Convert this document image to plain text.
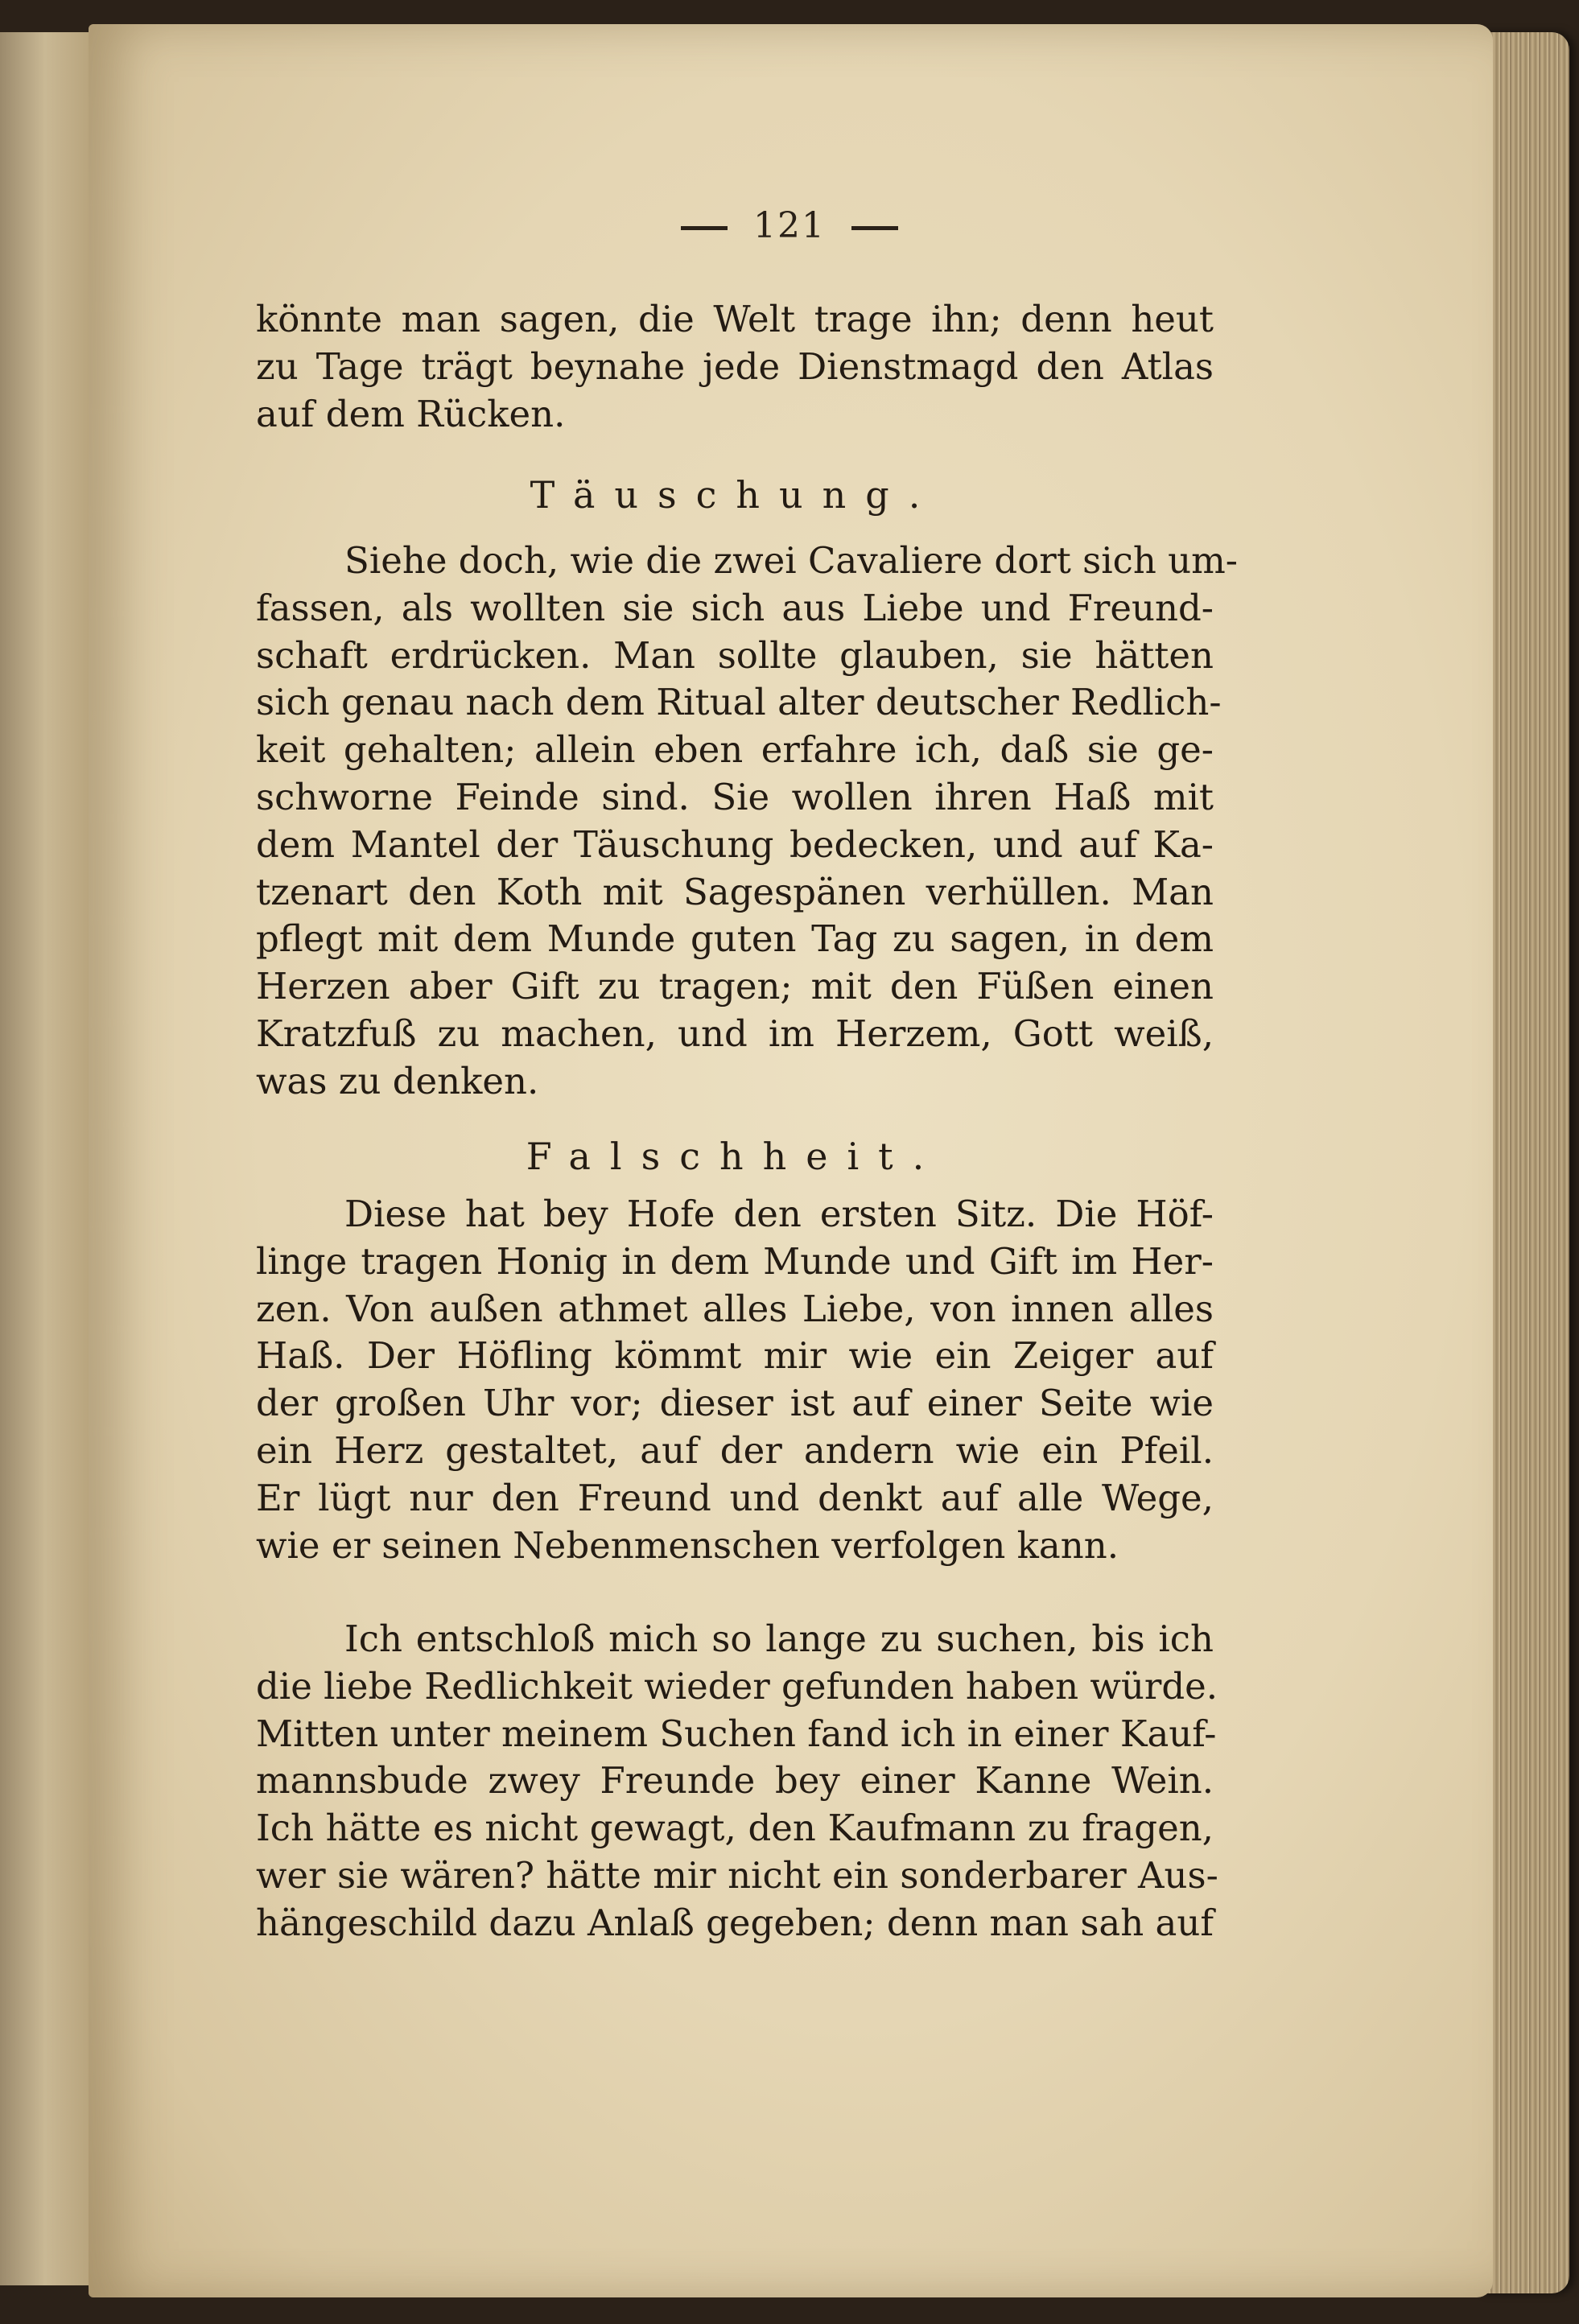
121
könnte man sagen, die Welt trage ihn; denn heut
zu Tage trägt beynahe jede Dienstmagd den Atlas
auf dem Rücken.
Täuschung.
Siehe doch, wie die zwei Cavaliere dort sich um-
fassen, als wollten sie sich aus Liebe und Freund-
schaft erdrücken. Man sollte glauben, sie hätten
sich genau nach dem Ritual alter deutscher Redlich-
keit gehalten; allein eben erfahre ich, daß sie ge-
schworne Feinde sind. Sie wollen ihren Haß mit
dem Mantel der Täuschung bedecken, und auf Ka-
tzenart den Koth mit Sagespänen verhüllen. Man
pflegt mit dem Munde guten Tag zu sagen, in dem
Herzen aber Gift zu tragen; mit den Füßen einen
Kratzfuß zu machen, und im Herzem, Gott weiß,
was zu denken.
Falschheit.
Diese hat bey Hofe den ersten Sitz. Die Höf-
linge tragen Honig in dem Munde und Gift im Her-
zen. Von außen athmet alles Liebe, von innen alles
Haß. Der Höfling kömmt mir wie ein Zeiger auf
der großen Uhr vor; dieser ist auf einer Seite wie
ein Herz gestaltet, auf der andern wie ein Pfeil.
Er lügt nur den Freund und denkt auf alle Wege,
wie er seinen Nebenmenschen verfolgen kann.
Ich entschloß mich so lange zu suchen, bis ich
die liebe Redlichkeit wieder gefunden haben würde.
Mitten unter meinem Suchen fand ich in einer Kauf-
mannsbude zwey Freunde bey einer Kanne Wein.
Ich hätte es nicht gewagt, den Kaufmann zu fragen,
wer sie wären? hätte mir nicht ein sonderbarer Aus-
hängeschild dazu Anlaß gegeben; denn man sah auf
